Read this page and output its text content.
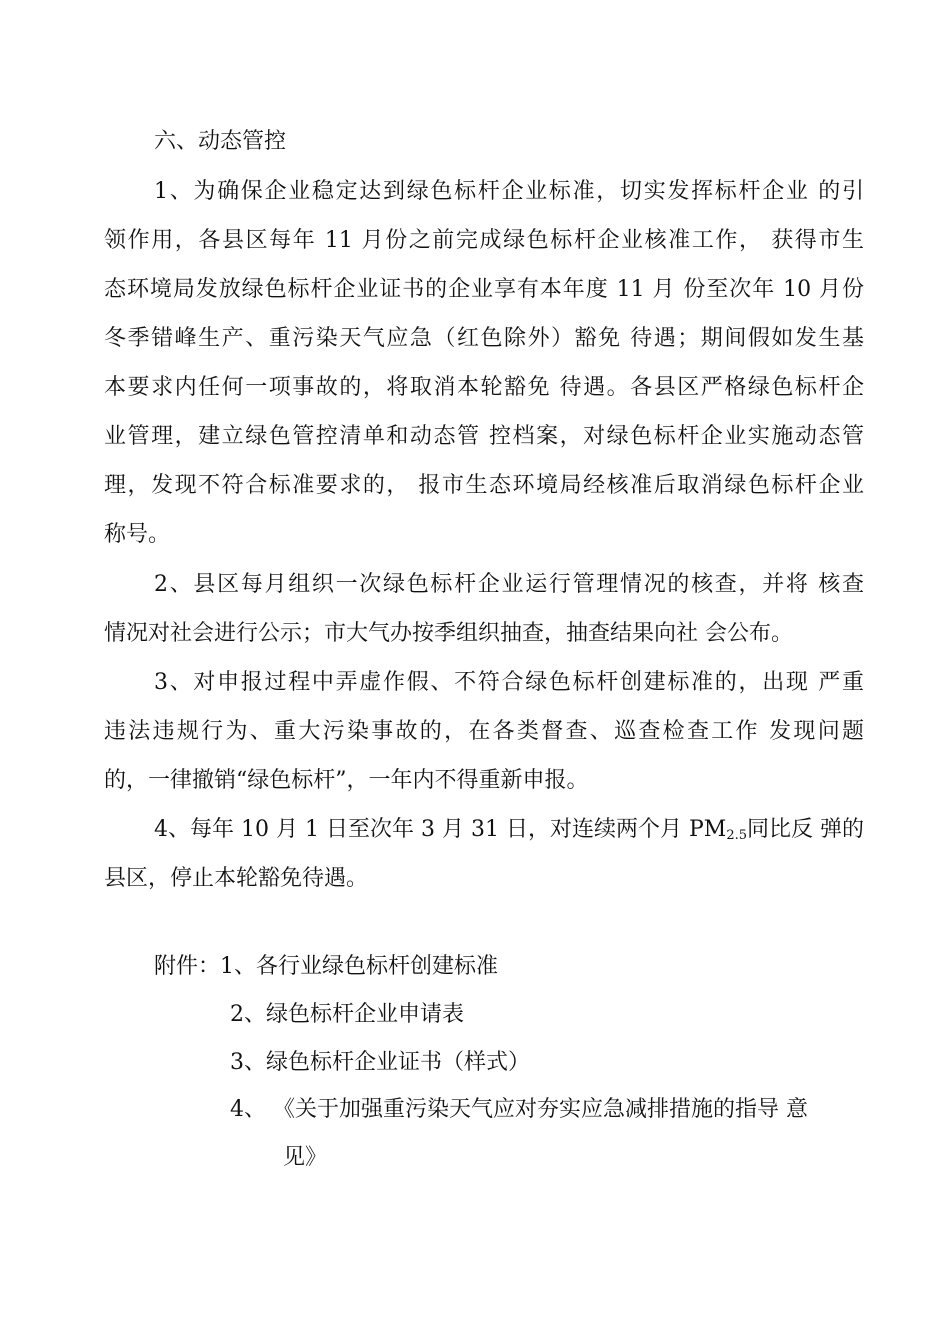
六、动态管控
1、为确保企业稳定达到绿色标杆企业标准，切实发挥标杆企业 的引
领作用，各县区每年 11 月份之前完成绿色标杆企业核准工作， 获得市生
态环境局发放绿色标杆企业证书的企业享有本年度 11 月 份至次年 10 月份
冬季错峰生产、重污染天气应急（红色除外）豁免 待遇；期间假如发生基
本要求内任何一项事故的，将取消本轮豁免 待遇。各县区严格绿色标杆企
业管理，建立绿色管控清单和动态管 控档案，对绿色标杆企业实施动态管
理，发现不符合标准要求的， 报市生态环境局经核准后取消绿色标杆企业
称号。
2、县区每月组织一次绿色标杆企业运行管理情况的核查，并将 核查
情况对社会进行公示；市大气办按季组织抽查，抽查结果向社 会公布。
3、对申报过程中弄虚作假、不符合绿色标杆创建标准的，出现 严重
违法违规行为、重大污染事故的，在各类督查、巡查检查工作 发现问题
的，一律撤销“绿色标杆”，一年内不得重新申报。
4、每年 10 月 1 日至次年 3 月 31 日，对连续两个月 PM2.5同比反 弹的
县区，停止本轮豁免待遇。
附件：1、各行业绿色标杆创建标准
2、绿色标杆企业申请表
3、绿色标杆企业证书（样式）
4、 《关于加强重污染天气应对夯实应急减排措施的指导 意
见》
